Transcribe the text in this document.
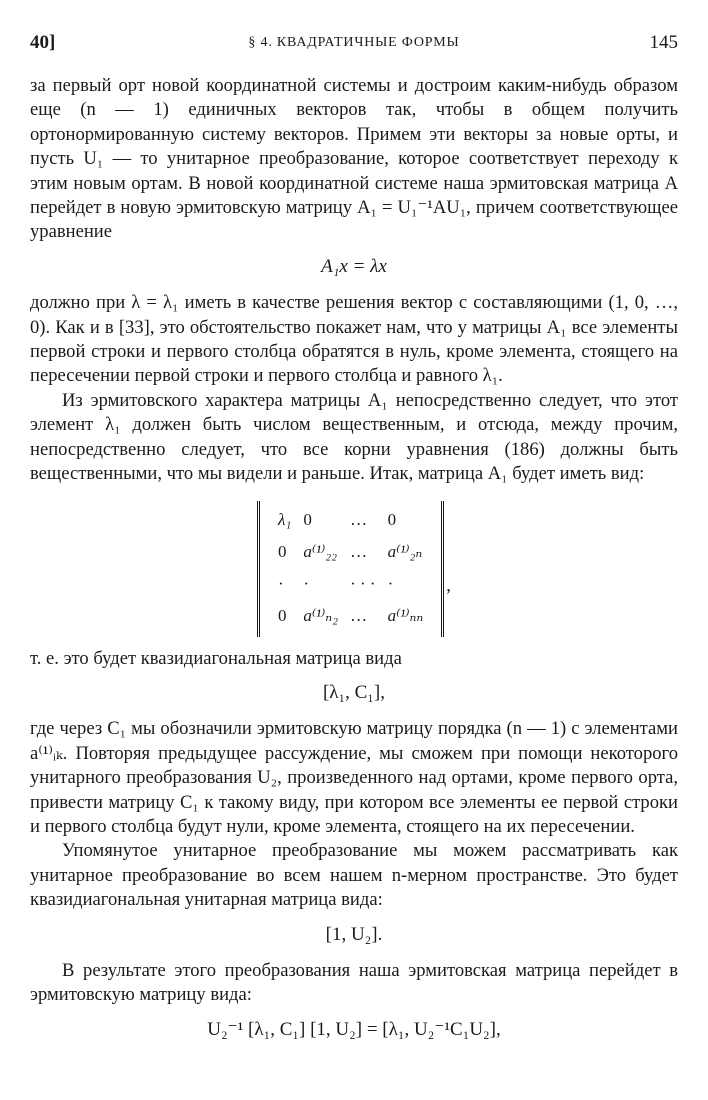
40]	§ 4. КВАДРАТИЧНЫЕ ФОРМЫ	145

за первый орт новой координатной системы и достроим каким-нибудь образом еще (n — 1) единичных векторов так, чтобы в общем получить ортонормированную систему векторов. Примем эти векторы за новые орты, и пусть U₁ — то унитарное преобразование, которое соответствует переходу к этим новым ортам. В новой координатной системе наша эрмитовская матрица A перейдет в новую эрмитовскую матрицу A₁ = U₁⁻¹AU₁, причем соответствующее уравнение

A₁x = λx

должно при λ = λ₁ иметь в качестве решения вектор с составляющими (1, 0, …, 0). Как и в [33], это обстоятельство покажет нам, что у матрицы A₁ все элементы первой строки и первого столбца обратятся в нуль, кроме элемента, стоящего на пересечении первой строки и первого столбца и равного λ₁.

Из эрмитовского характера матрицы A₁ непосредственно следует, что этот элемент λ₁ должен быть числом вещественным, и отсюда, между прочим, непосредственно следует, что все корни уравнения (186) должны быть вещественными, что мы видели и раньше. Итак, матрица A₁ будет иметь вид:

λ₁	0	…	0
0	a⁽¹⁾₂₂	…	a⁽¹⁾₂ₙ
·	·	· · ·	·
0	a⁽¹⁾ₙ₂	…	a⁽¹⁾ₙₙ
,

т. е. это будет квазидиагональная матрица вида

[λ₁, C₁],

где через C₁ мы обозначили эрмитовскую матрицу порядка (n — 1) с элементами a⁽¹⁾ᵢₖ. Повторяя предыдущее рассуждение, мы сможем при помощи некоторого унитарного преобразования U₂, произведенного над ортами, кроме первого орта, привести матрицу C₁ к такому виду, при котором все элементы ее первой строки и первого столбца будут нули, кроме элемента, стоящего на их пересечении.

Упомянутое унитарное преобразование мы можем рассматривать как унитарное преобразование во всем нашем n-мерном пространстве. Это будет квазидиагональная унитарная матрица вида:

[1, U₂].

В результате этого преобразования наша эрмитовская матрица перейдет в эрмитовскую матрицу вида:

U₂⁻¹ [λ₁, C₁] [1, U₂] = [λ₁, U₂⁻¹C₁U₂],
